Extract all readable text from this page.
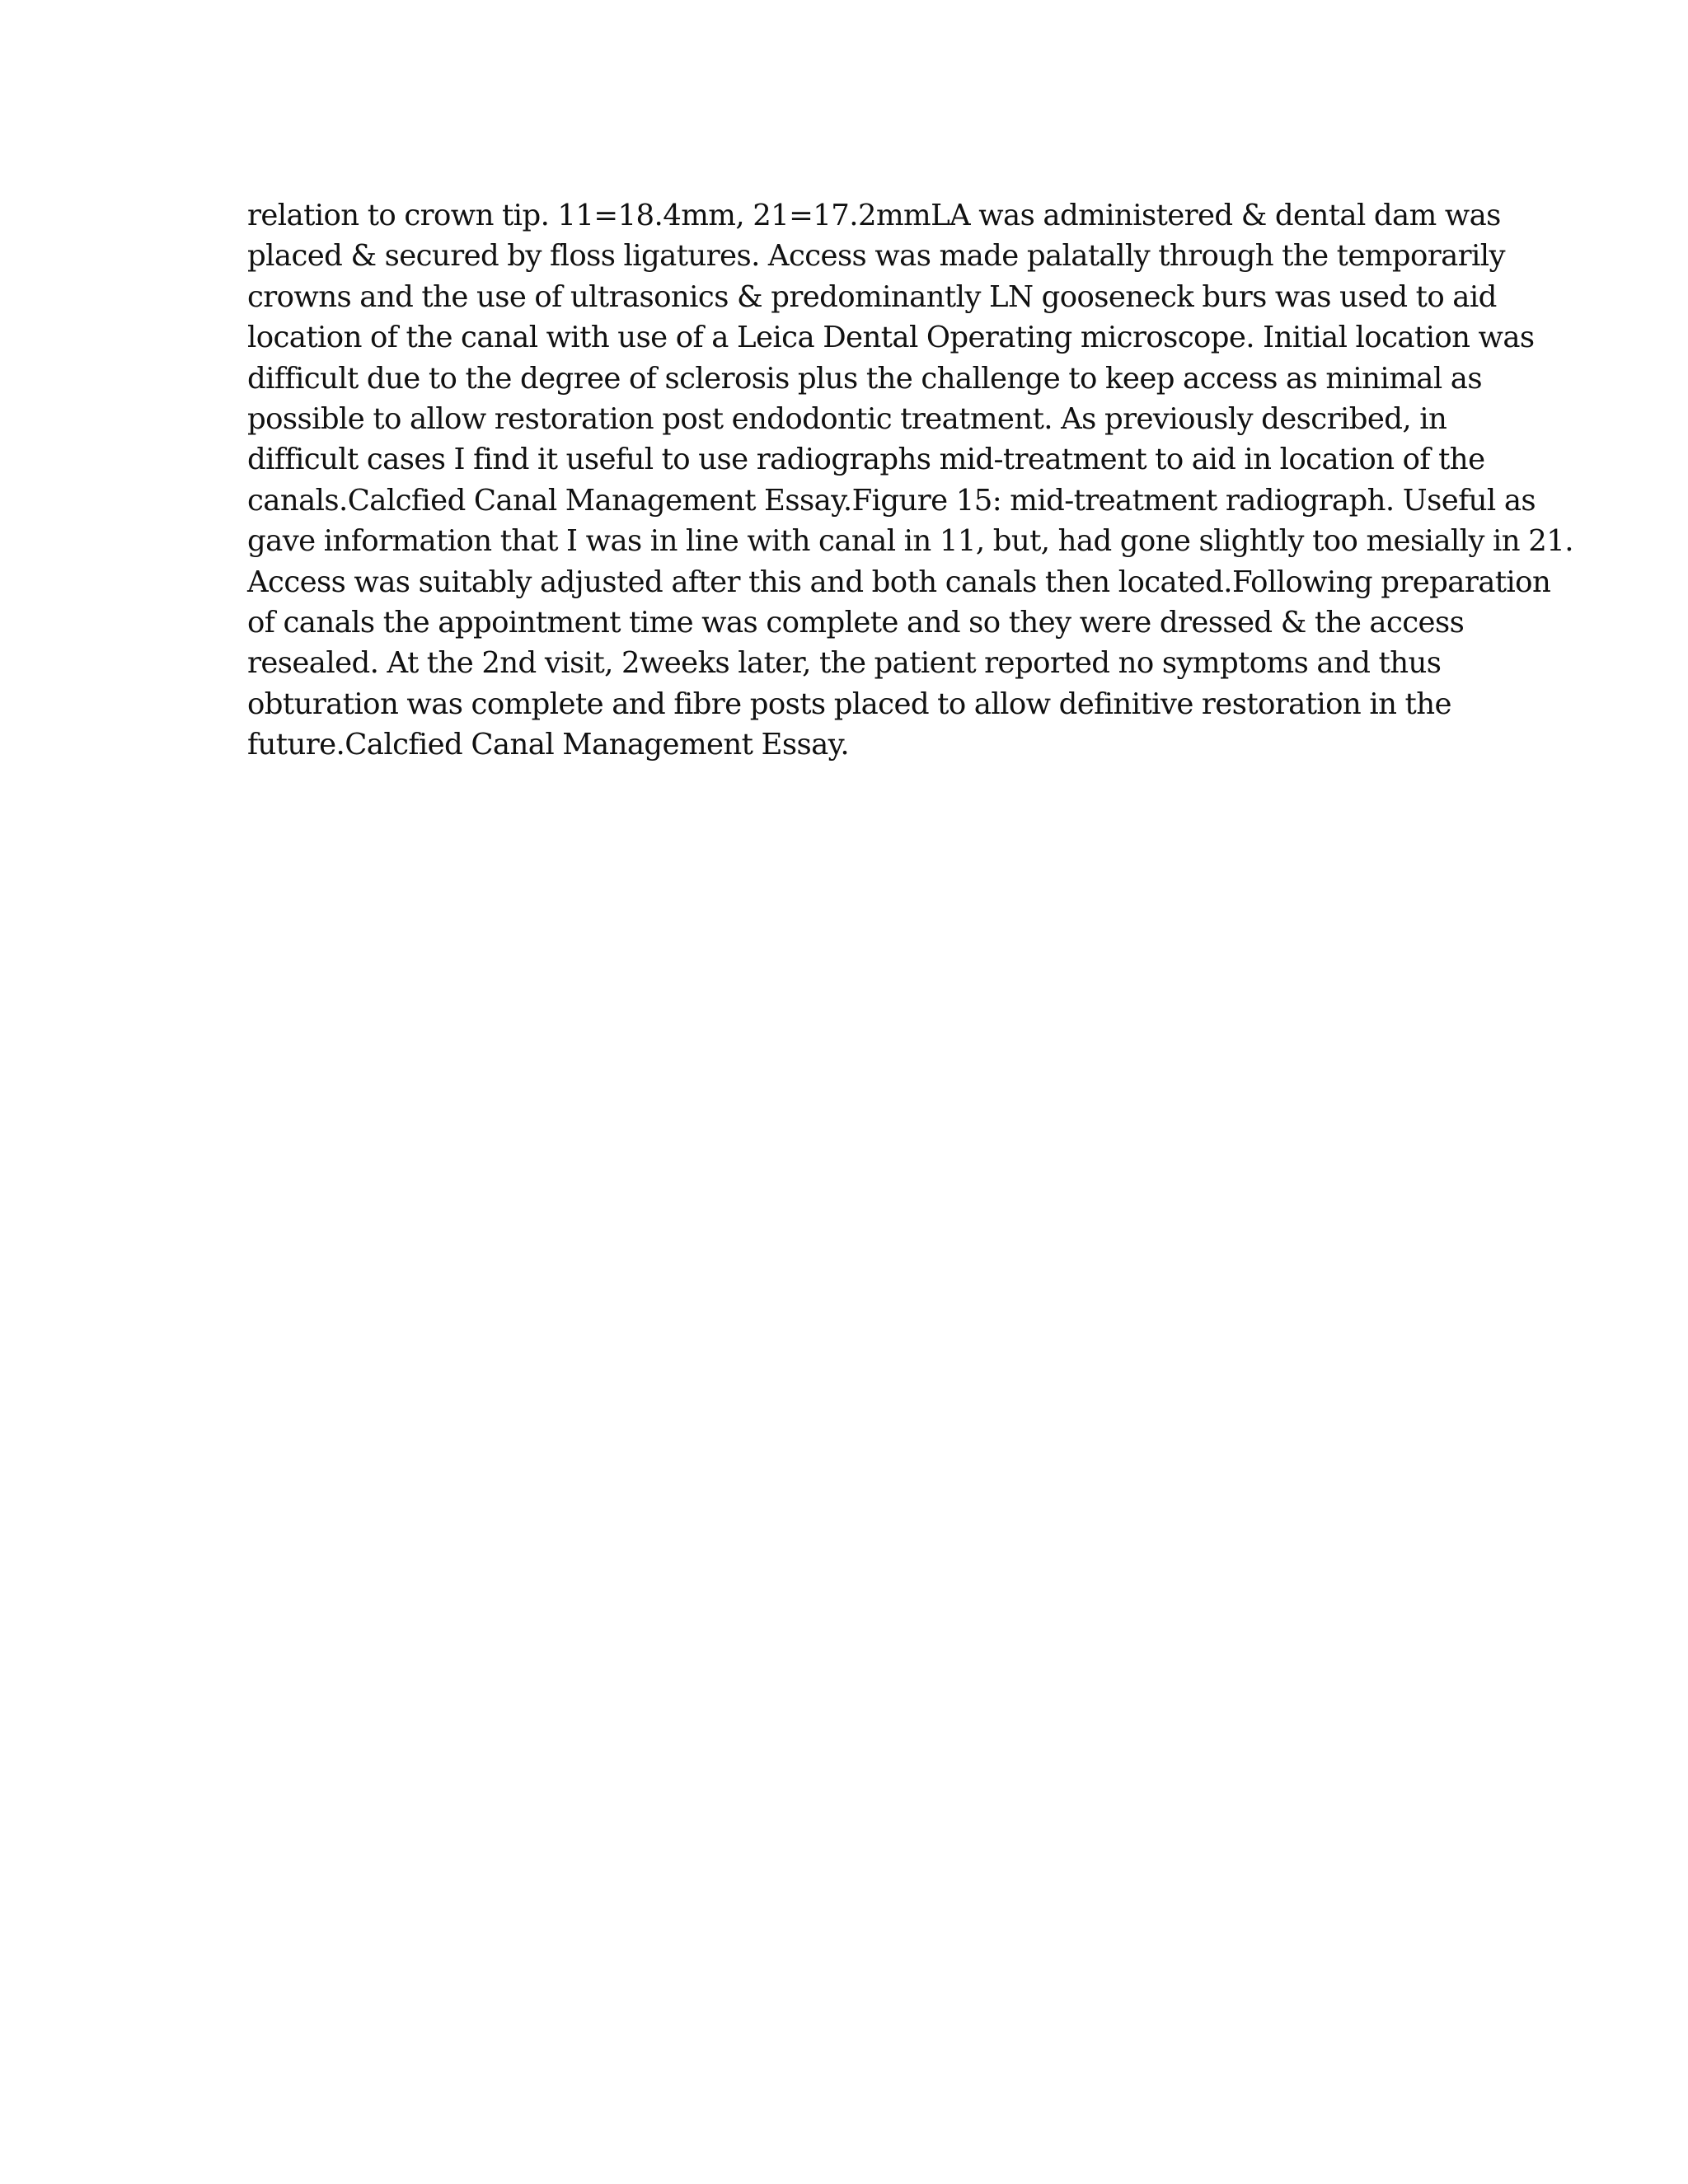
relation to crown tip. 11=18.4mm, 21=17.2mmLA was administered & dental dam was
placed & secured by floss ligatures. Access was made palatally through the temporarily
crowns and the use of ultrasonics & predominantly LN gooseneck burs was used to aid
location of the canal with use of a Leica Dental Operating microscope. Initial location was
difficult due to the degree of sclerosis plus the challenge to keep access as minimal as
possible to allow restoration post endodontic treatment. As previously described, in
difficult cases I find it useful to use radiographs mid-treatment to aid in location of the
canals.Calcfied Canal Management Essay.Figure 15: mid-treatment radiograph. Useful as
gave information that I was in line with canal in 11, but, had gone slightly too mesially in 21.
Access was suitably adjusted after this and both canals then located.Following preparation
of canals the appointment time was complete and so they were dressed & the access
resealed. At the 2nd visit, 2weeks later, the patient reported no symptoms and thus
obturation was complete and fibre posts placed to allow definitive restoration in the
future.Calcfied Canal Management Essay.
